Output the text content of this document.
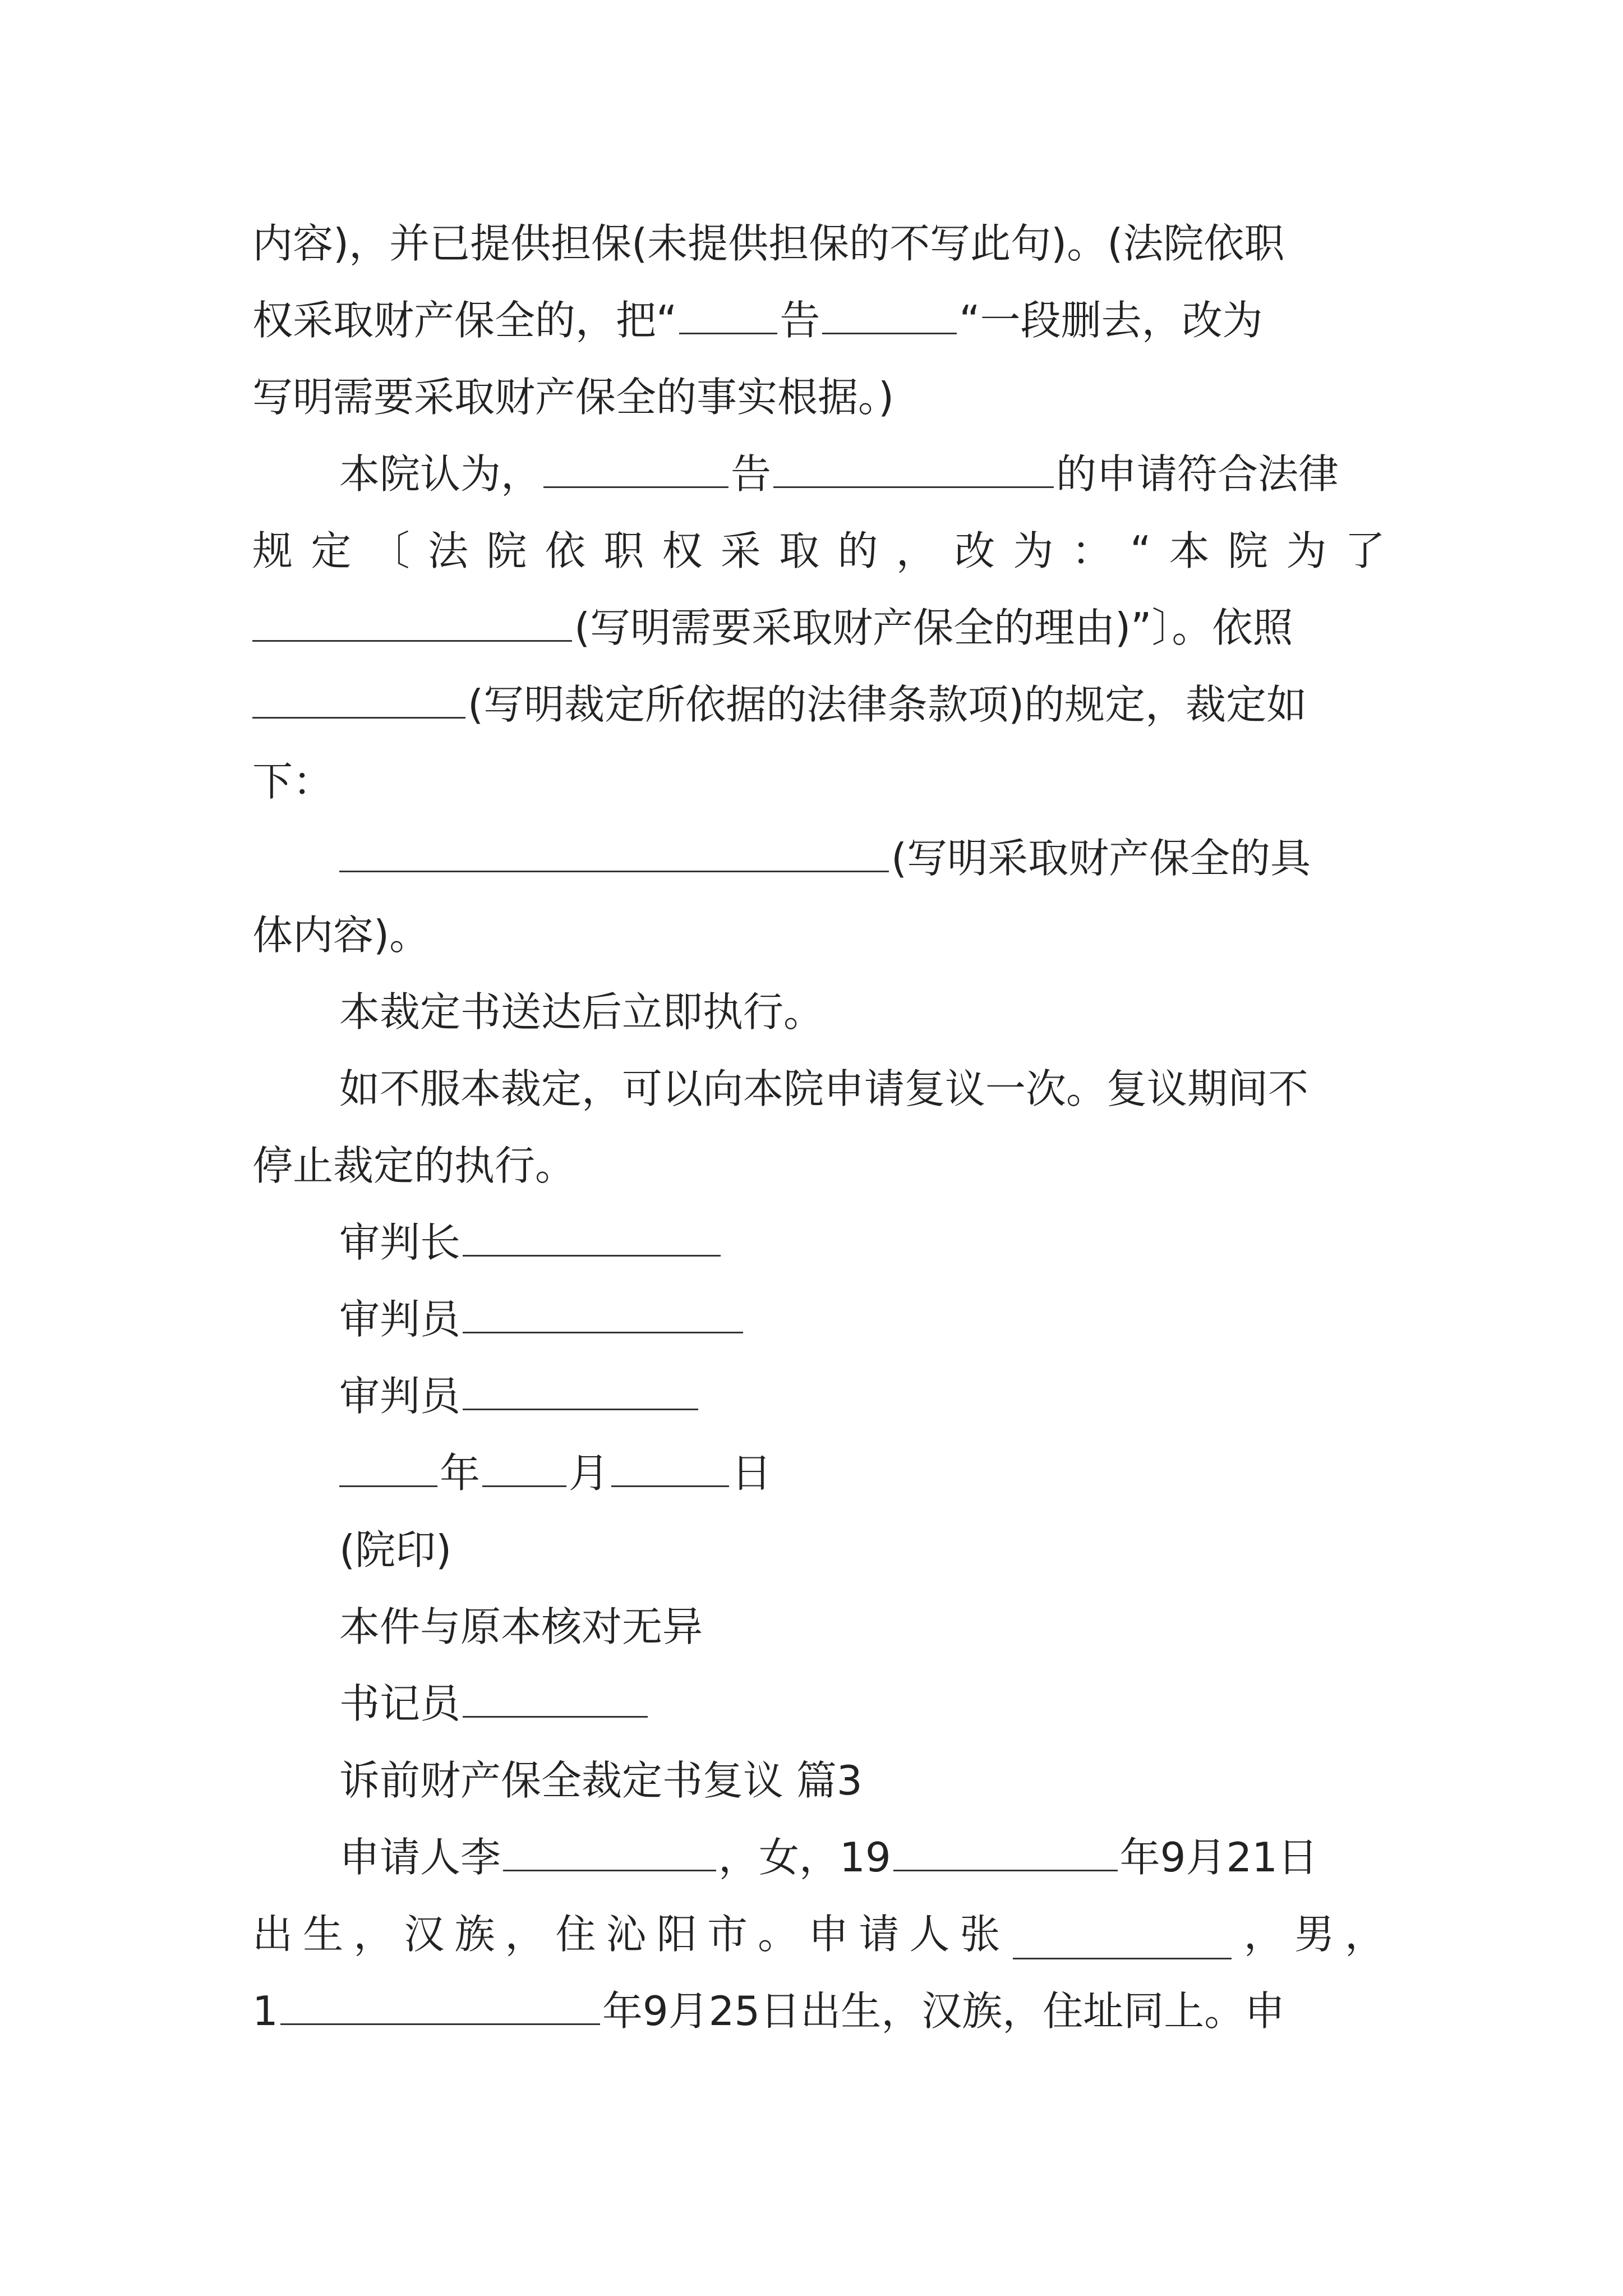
内容)，并已提供担保(未提供担保的不写此句)。(法院依职
权采取财产保全的，把“	告	“一段删去，改为
写明需要采取财产保全的事实根据。)
本院认为，	告	的申请符合法律
规 定 〔 法 院 依 职 权 采 取 的 ， 改 为 ： “ 本 院 为 了
(写明需要采取财产保全的理由)”〕。依照
(写明裁定所依据的法律条款项)的规定，裁定如
下：
(写明采取财产保全的具
体内容)。
本裁定书送达后立即执行。
如不服本裁定，可以向本院申请复议一次。复议期间不
停止裁定的执行。
审判长
审判员
审判员
年 月	日
(院印)
本件与原本核对无异
书记员
诉前财产保全裁定书复议 篇3
申请人李	，女，19	年9月21日
出 生 ， 汉 族 ， 住 沁 阳 市 。 申 请 人 张	， 男 ，
1	年9月25日出生，汉族，住址同上。申
